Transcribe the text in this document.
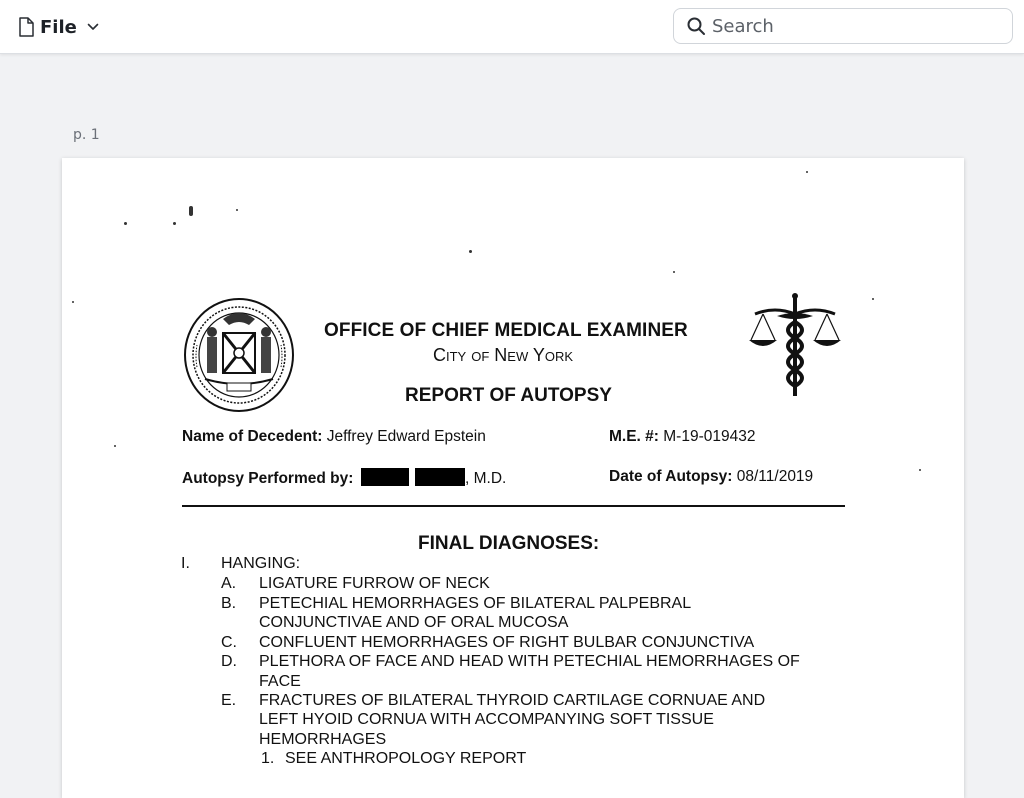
File
Search
p. 1
OFFICE OF CHIEF MEDICAL EXAMINER
City of New York
REPORT OF AUTOPSY
Name of Decedent: Jeffrey Edward Epstein	M.E. #: M-19-019432
Autopsy Performed by:	, M.D.	Date of Autopsy: 08/11/2019
FINAL DIAGNOSES:
I. HANGING:
A. LIGATURE FURROW OF NECK
B. PETECHIAL HEMORRHAGES OF BILATERAL PALPEBRAL
CONJUNCTIVAE AND OF ORAL MUCOSA
C. CONFLUENT HEMORRHAGES OF RIGHT BULBAR CONJUNCTIVA
D. PLETHORA OF FACE AND HEAD WITH PETECHIAL HEMORRHAGES OF
FACE
E. FRACTURES OF BILATERAL THYROID CARTILAGE CORNUAE AND
LEFT HYOID CORNUA WITH ACCOMPANYING SOFT TISSUE
HEMORRHAGES
1. SEE ANTHROPOLOGY REPORT
